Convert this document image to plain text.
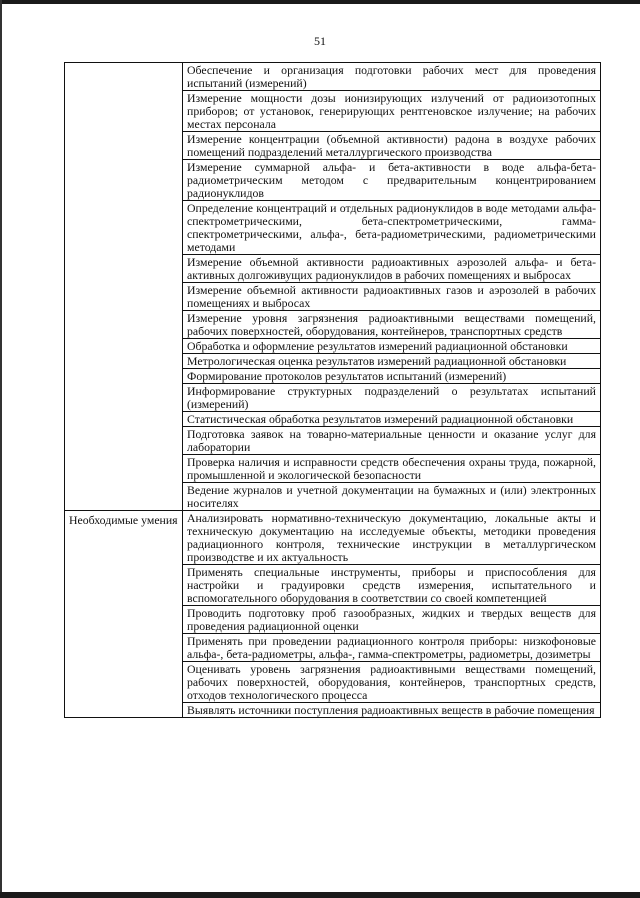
51
Обеспечение и организация подготовки рабочих мест для проведения испытаний (измерений)
Измерение мощности дозы ионизирующих излучений от радиоизотопных приборов; от установок, генерирующих рентгеновское излучение; на рабочих местах персонала
Измерение концентрации (объемной активности) радона в воздухе рабочих помещений подразделений металлургического производства
Измерение суммарной альфа- и бета-активности в воде альфа-бета-радиометрическим методом с предварительным концентрированием радионуклидов
Определение концентраций и отдельных радионуклидов в воде методами альфа-спектрометрическими, бета-спектрометрическими, гамма-спектрометрическими, альфа-, бета-радиометрическими, радиометрическими методами
Измерение объемной активности радиоактивных аэрозолей альфа- и бета-активных долгоживущих радионуклидов в рабочих помещениях и выбросах
Измерение объемной активности радиоактивных газов и аэрозолей в рабочих помещениях и выбросах
Измерение уровня загрязнения радиоактивными веществами помещений, рабочих поверхностей, оборудования, контейнеров, транспортных средств
Обработка и оформление результатов измерений радиационной обстановки
Метрологическая оценка результатов измерений радиационной обстановки
Формирование протоколов результатов испытаний (измерений)
Информирование структурных подразделений о результатах испытаний (измерений)
Статистическая обработка результатов измерений радиационной обстановки
Подготовка заявок на товарно-материальные ценности и оказание услуг для лаборатории
Проверка наличия и исправности средств обеспечения охраны труда, пожарной, промышленной и экологической безопасности
Ведение журналов и учетной документации на бумажных и (или) электронных носителях
Необходимые умения Анализировать нормативно-техническую документацию, локальные акты и техническую документацию на исследуемые объекты, методики проведения радиационного контроля, технические инструкции в металлургическом производстве и их актуальность
Применять специальные инструменты, приборы и приспособления для настройки и градуировки средств измерения, испытательного и вспомогательного оборудования в соответствии со своей компетенцией
Проводить подготовку проб газообразных, жидких и твердых веществ для проведения радиационной оценки
Применять при проведении радиационного контроля приборы: низкофоновые альфа-, бета-радиометры, альфа-, гамма-спектрометры, радиометры, дозиметры
Оценивать уровень загрязнения радиоактивными веществами помещений, рабочих поверхностей, оборудования, контейнеров, транспортных средств, отходов технологического процесса
Выявлять источники поступления радиоактивных веществ в рабочие помещения
